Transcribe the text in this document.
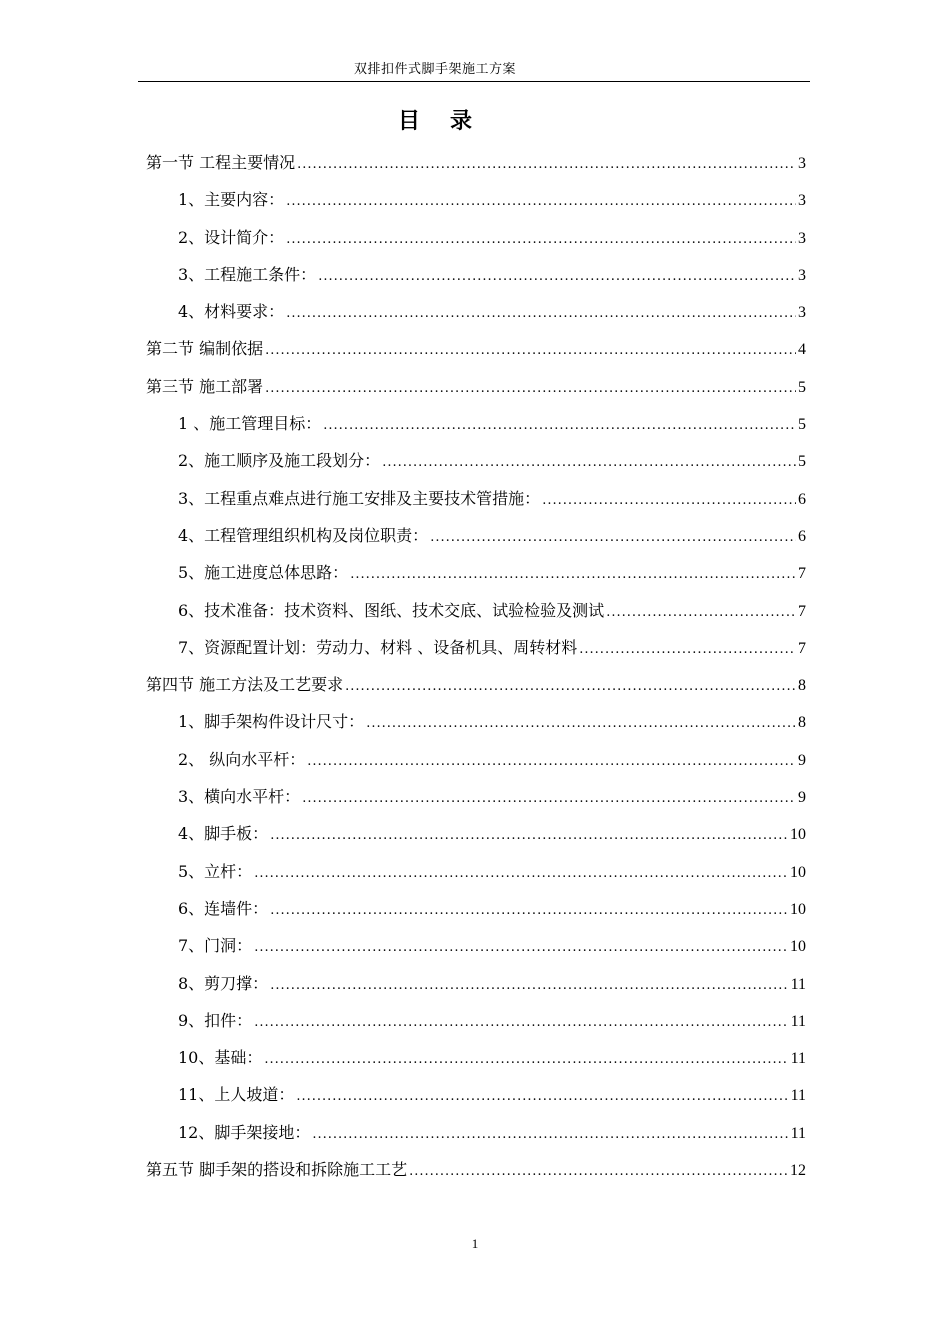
双排扣件式脚手架施工方案
目录
第一节 工程主要情况 .....	3
1、主要内容： .....	3
2、设计简介： .....	3
3、工程施工条件： .....	3
4、材料要求： .....	3
第二节 编制依据 .....	4
第三节 施工部署 .....	5
1 、施工管理目标： .....	5
2、施工顺序及施工段划分： .....	5
3、工程重点难点进行施工安排及主要技术管措施： .....	6
4、工程管理组织机构及岗位职责： .....	6
5、施工进度总体思路： .....	7
6、技术准备：技术资料、图纸、技术交底、试验检验及测试 .....	7
7、资源配置计划：劳动力、材料 、设备机具、周转材料 .....	7
第四节 施工方法及工艺要求 .....	8
1、脚手架构件设计尺寸： .....	8
2、 纵向水平杆： .....	9
3、横向水平杆： .....	9
4、脚手板： .....	10
5、立杆： .....	10
6、连墙件： .....	10
7、门洞： .....	10
8、剪刀撑： .....	11
9、扣件： .....	11
10、基础： .....	11
11、上人坡道： .....	11
12、脚手架接地： .....	11
第五节 脚手架的搭设和拆除施工工艺 .....	12
1
